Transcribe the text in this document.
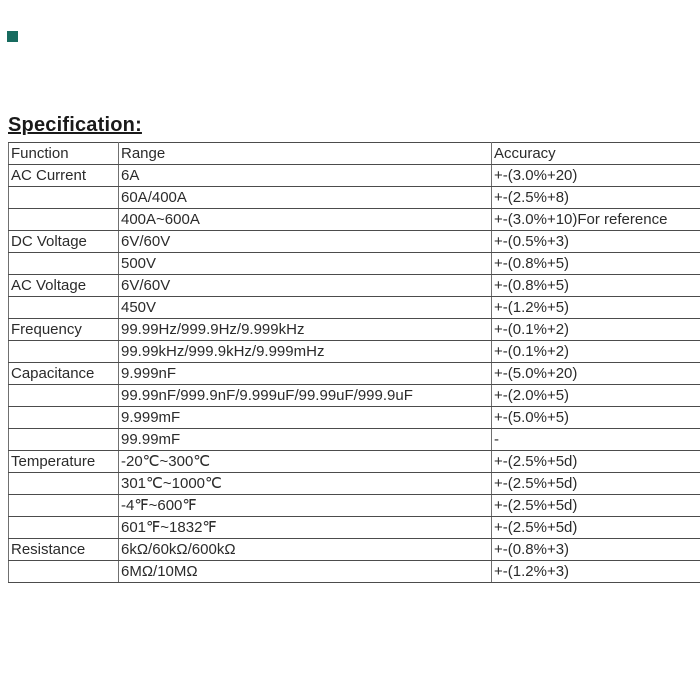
Specification:
Function	Range	Accuracy
AC Current	6A	+-(3.0%+20)
	60A/400A	+-(2.5%+8)
	400A~600A	+-(3.0%+10)For reference
DC Voltage	6V/60V	+-(0.5%+3)
	500V	+-(0.8%+5)
AC Voltage	6V/60V	+-(0.8%+5)
	450V	+-(1.2%+5)
Frequency	99.99Hz/999.9Hz/9.999kHz	+-(0.1%+2)
	99.99kHz/999.9kHz/9.999mHz	+-(0.1%+2)
Capacitance	9.999nF	+-(5.0%+20)
	99.99nF/999.9nF/9.999uF/99.99uF/999.9uF	+-(2.0%+5)
	9.999mF	+-(5.0%+5)
	99.99mF	-
Temperature	-20℃~300℃	+-(2.5%+5d)
	301℃~1000℃	+-(2.5%+5d)
	-4℉~600℉	+-(2.5%+5d)
	601℉~1832℉	+-(2.5%+5d)
Resistance	6kΩ/60kΩ/600kΩ	+-(0.8%+3)
	6MΩ/10MΩ	+-(1.2%+3)
